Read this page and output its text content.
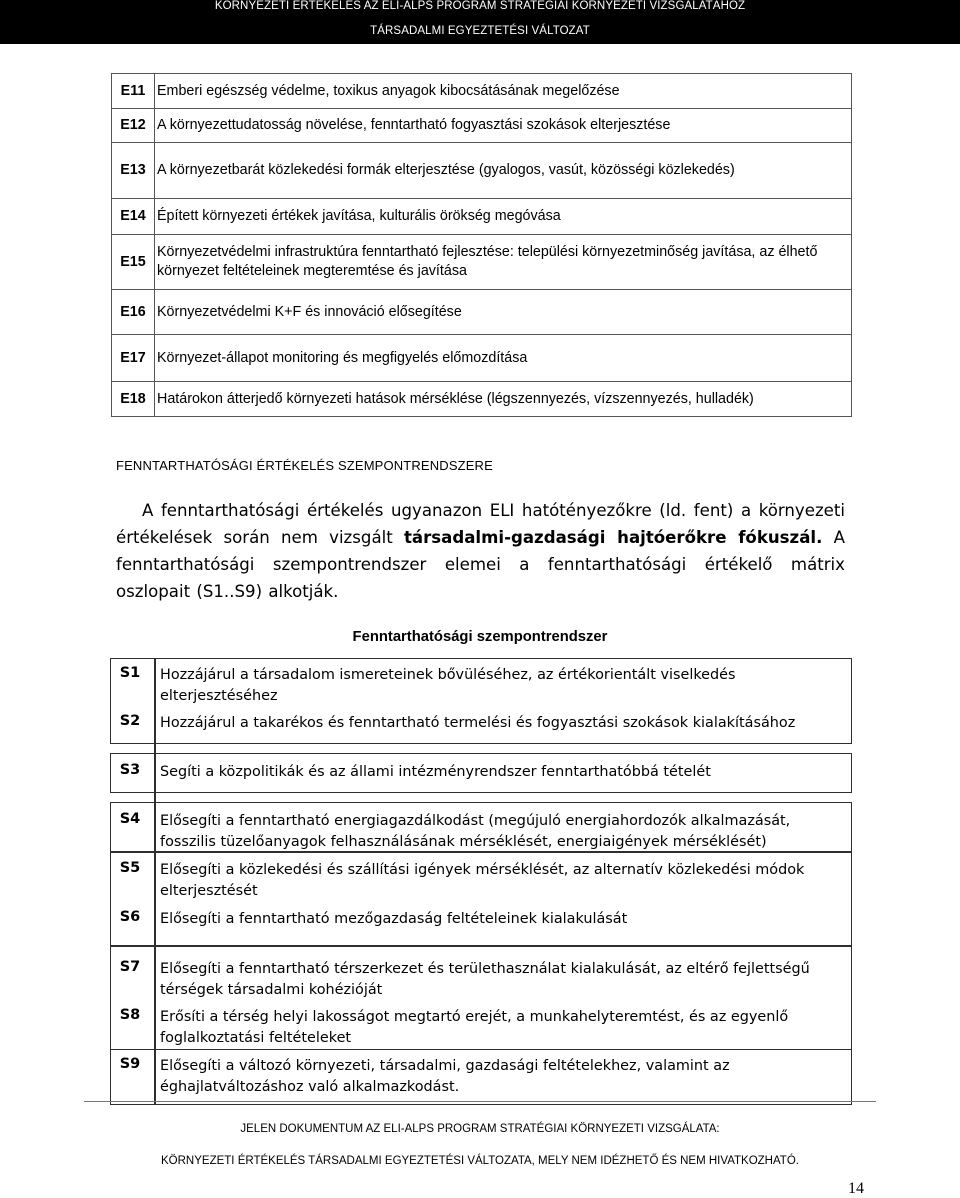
KÖRNYEZETI ÉRTÉKELÉS AZ ELI-ALPS PROGRAM STRATÉGIAI KÖRNYEZETI VIZSGÁLATÁHOZ
TÁRSADALMI EGYEZTETÉSI VÁLTOZAT
E11	Emberi egészség védelme, toxikus anyagok kibocsátásának megelőzése
E12	A környezettudatosság növelése, fenntartható fogyasztási szokások elterjesztése
E13	A környezetbarát közlekedési formák elterjesztése (gyalogos, vasút, közösségi közlekedés)
E14	Épített környezeti értékek javítása, kulturális örökség megóvása
E15	Környezetvédelmi infrastruktúra fenntartható fejlesztése: települési környezetminőség javítása, az élhető környezet feltételeinek megteremtése és javítása
E16	Környezetvédelmi K+F és innováció elősegítése
E17	Környezet-állapot monitoring és megfigyelés előmozdítása
E18	Határokon átterjedő környezeti hatások mérséklése (légszennyezés, vízszennyezés, hulladék)
FENNTARTHATÓSÁGI ÉRTÉKELÉS SZEMPONTRENDSZERE
A fenntarthatósági értékelés ugyanazon ELI hatótényezőkre (ld. fent) a környezeti értékelések során nem vizsgált társadalmi-gazdasági hajtóerőkre fókuszál. A fenntarthatósági szempontrendszer elemei a fenntarthatósági értékelő mátrix oszlopait (S1..S9) alkotják.
Fenntarthatósági szempontrendszer
S1	Hozzájárul a társadalom ismereteinek bővüléséhez, az értékorientált viselkedés elterjesztéséhez
S2	Hozzájárul a takarékos és fenntartható termelési és fogyasztási szokások kialakításához
S3	Segíti a közpolitikák és az állami intézményrendszer fenntarthatóbbá tételét
S4	Elősegíti a fenntartható energiagazdálkodást (megújuló energiahordozók alkalmazását, fosszilis tüzelőanyagok felhasználásának mérséklését, energiaigények mérséklését)
S5	Elősegíti a közlekedési és szállítási igények mérséklését, az alternatív közlekedési módok elterjesztését
S6	Elősegíti a fenntartható mezőgazdaság feltételeinek kialakulását
S7	Elősegíti a fenntartható térszerkezet és területhasználat kialakulását, az eltérő fejlettségű térségek társadalmi kohézióját
S8	Erősíti a térség helyi lakosságot megtartó erejét, a munkahelyteremtést, és az egyenlő foglalkoztatási feltételeket
S9	Elősegíti a változó környezeti, társadalmi, gazdasági feltételekhez, valamint az éghajlatváltozáshoz való alkalmazkodást.
JELEN DOKUMENTUM AZ ELI-ALPS PROGRAM STRATÉGIAI KÖRNYEZETI VIZSGÁLATA:
KÖRNYEZETI ÉRTÉKELÉS TÁRSADALMI EGYEZTETÉSI VÁLTOZATA, MELY NEM IDÉZHETŐ ÉS NEM HIVATKOZHATÓ.
14
